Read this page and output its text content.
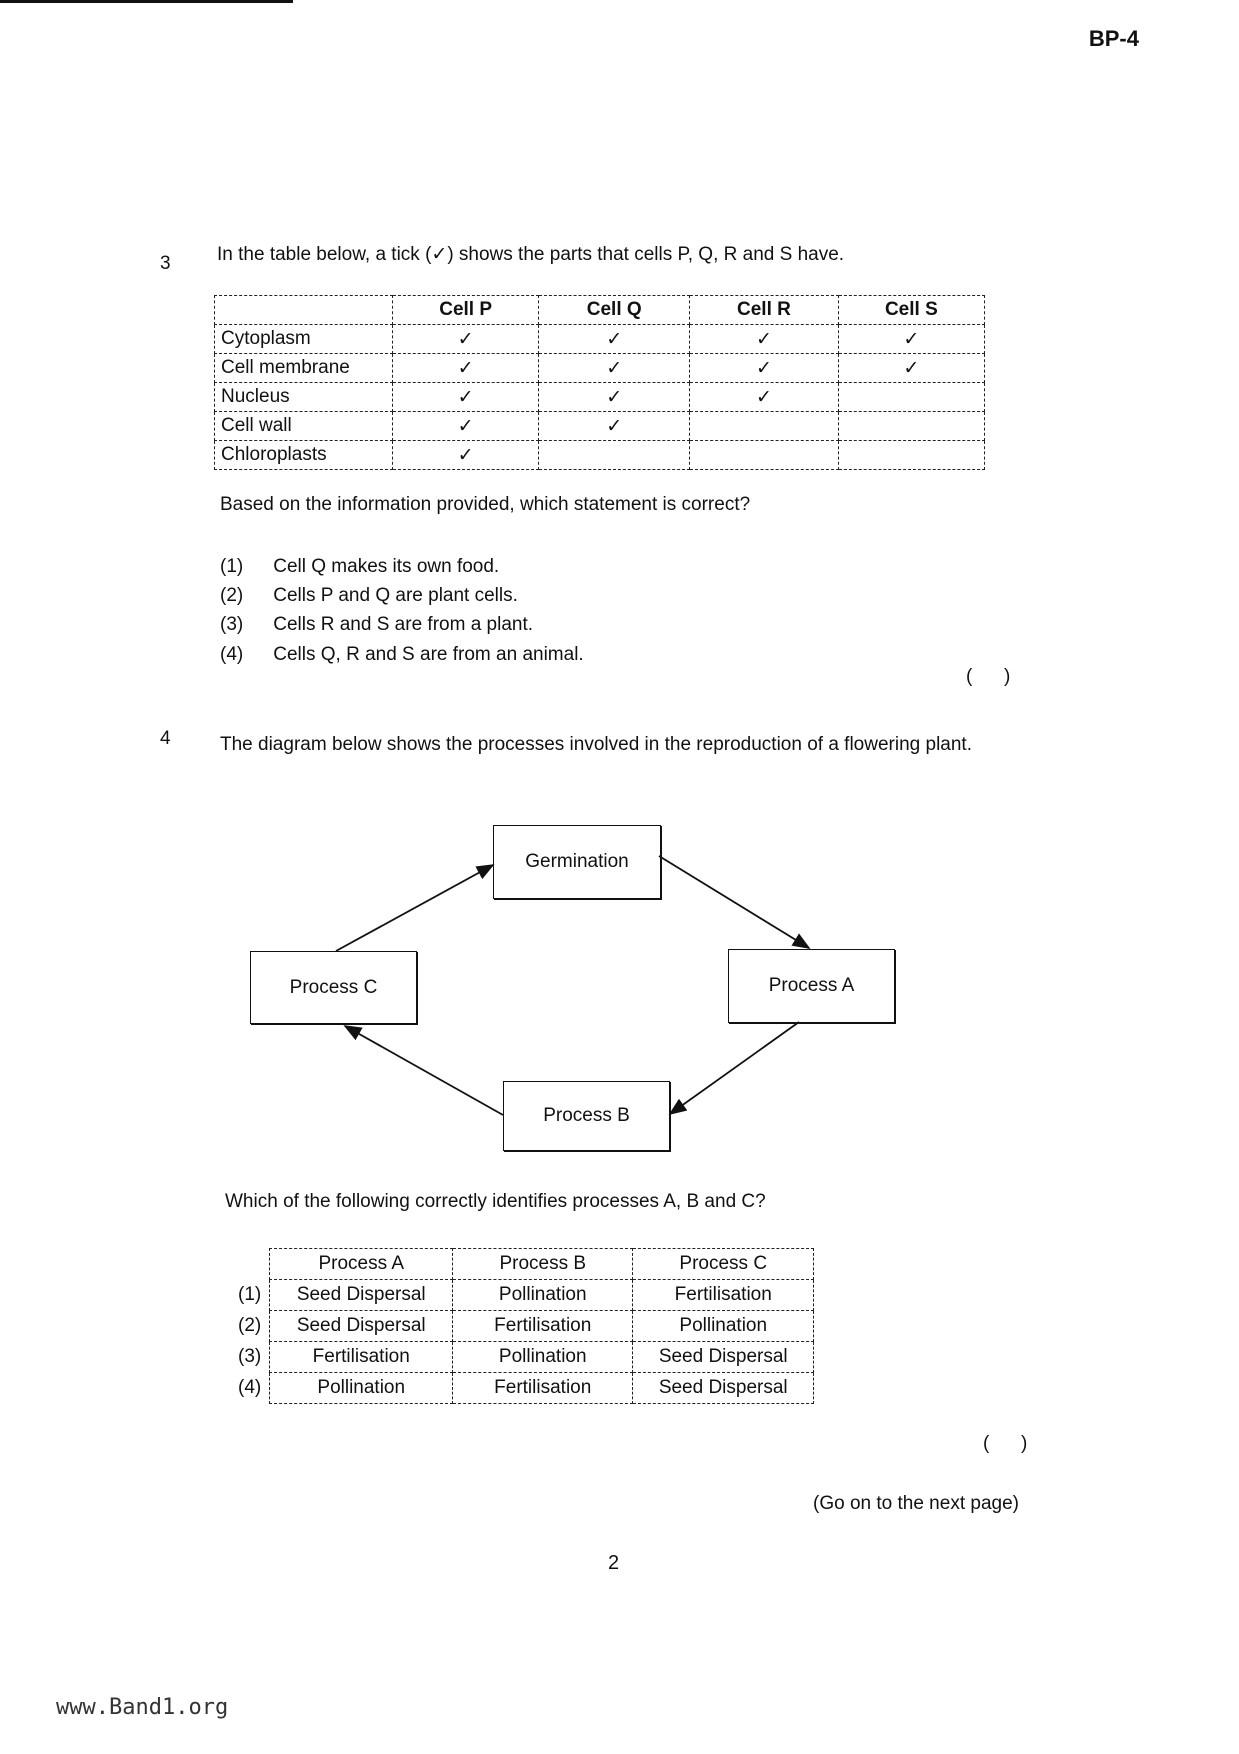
BP-4
3 In the table below, a tick (✓) shows the parts that cells P, Q, R and S have.
	Cell P	Cell Q	Cell R	Cell S
Cytoplasm	✓	✓	✓	✓
Cell membrane	✓	✓	✓	✓
Nucleus	✓	✓	✓	
Cell wall	✓	✓		
Chloroplasts	✓			
Based on the information provided, which statement is correct?
(1) Cell Q makes its own food.
(2) Cells P and Q are plant cells.
(3) Cells R and S are from a plant.
(4) Cells Q, R and S are from an animal.
(      )
4	The diagram below shows the processes involved in the reproduction of a flowering plant.
Germination
Process A
Process B
Process C
Which of the following correctly identifies processes A, B and C?
	Process A	Process B	Process C
(1)	Seed Dispersal	Pollination	Fertilisation
(2)	Seed Dispersal	Fertilisation	Pollination
(3)	Fertilisation	Pollination	Seed Dispersal
(4)	Pollination	Fertilisation	Seed Dispersal
(      )
(Go on to the next page)
2
www.Band1.org
